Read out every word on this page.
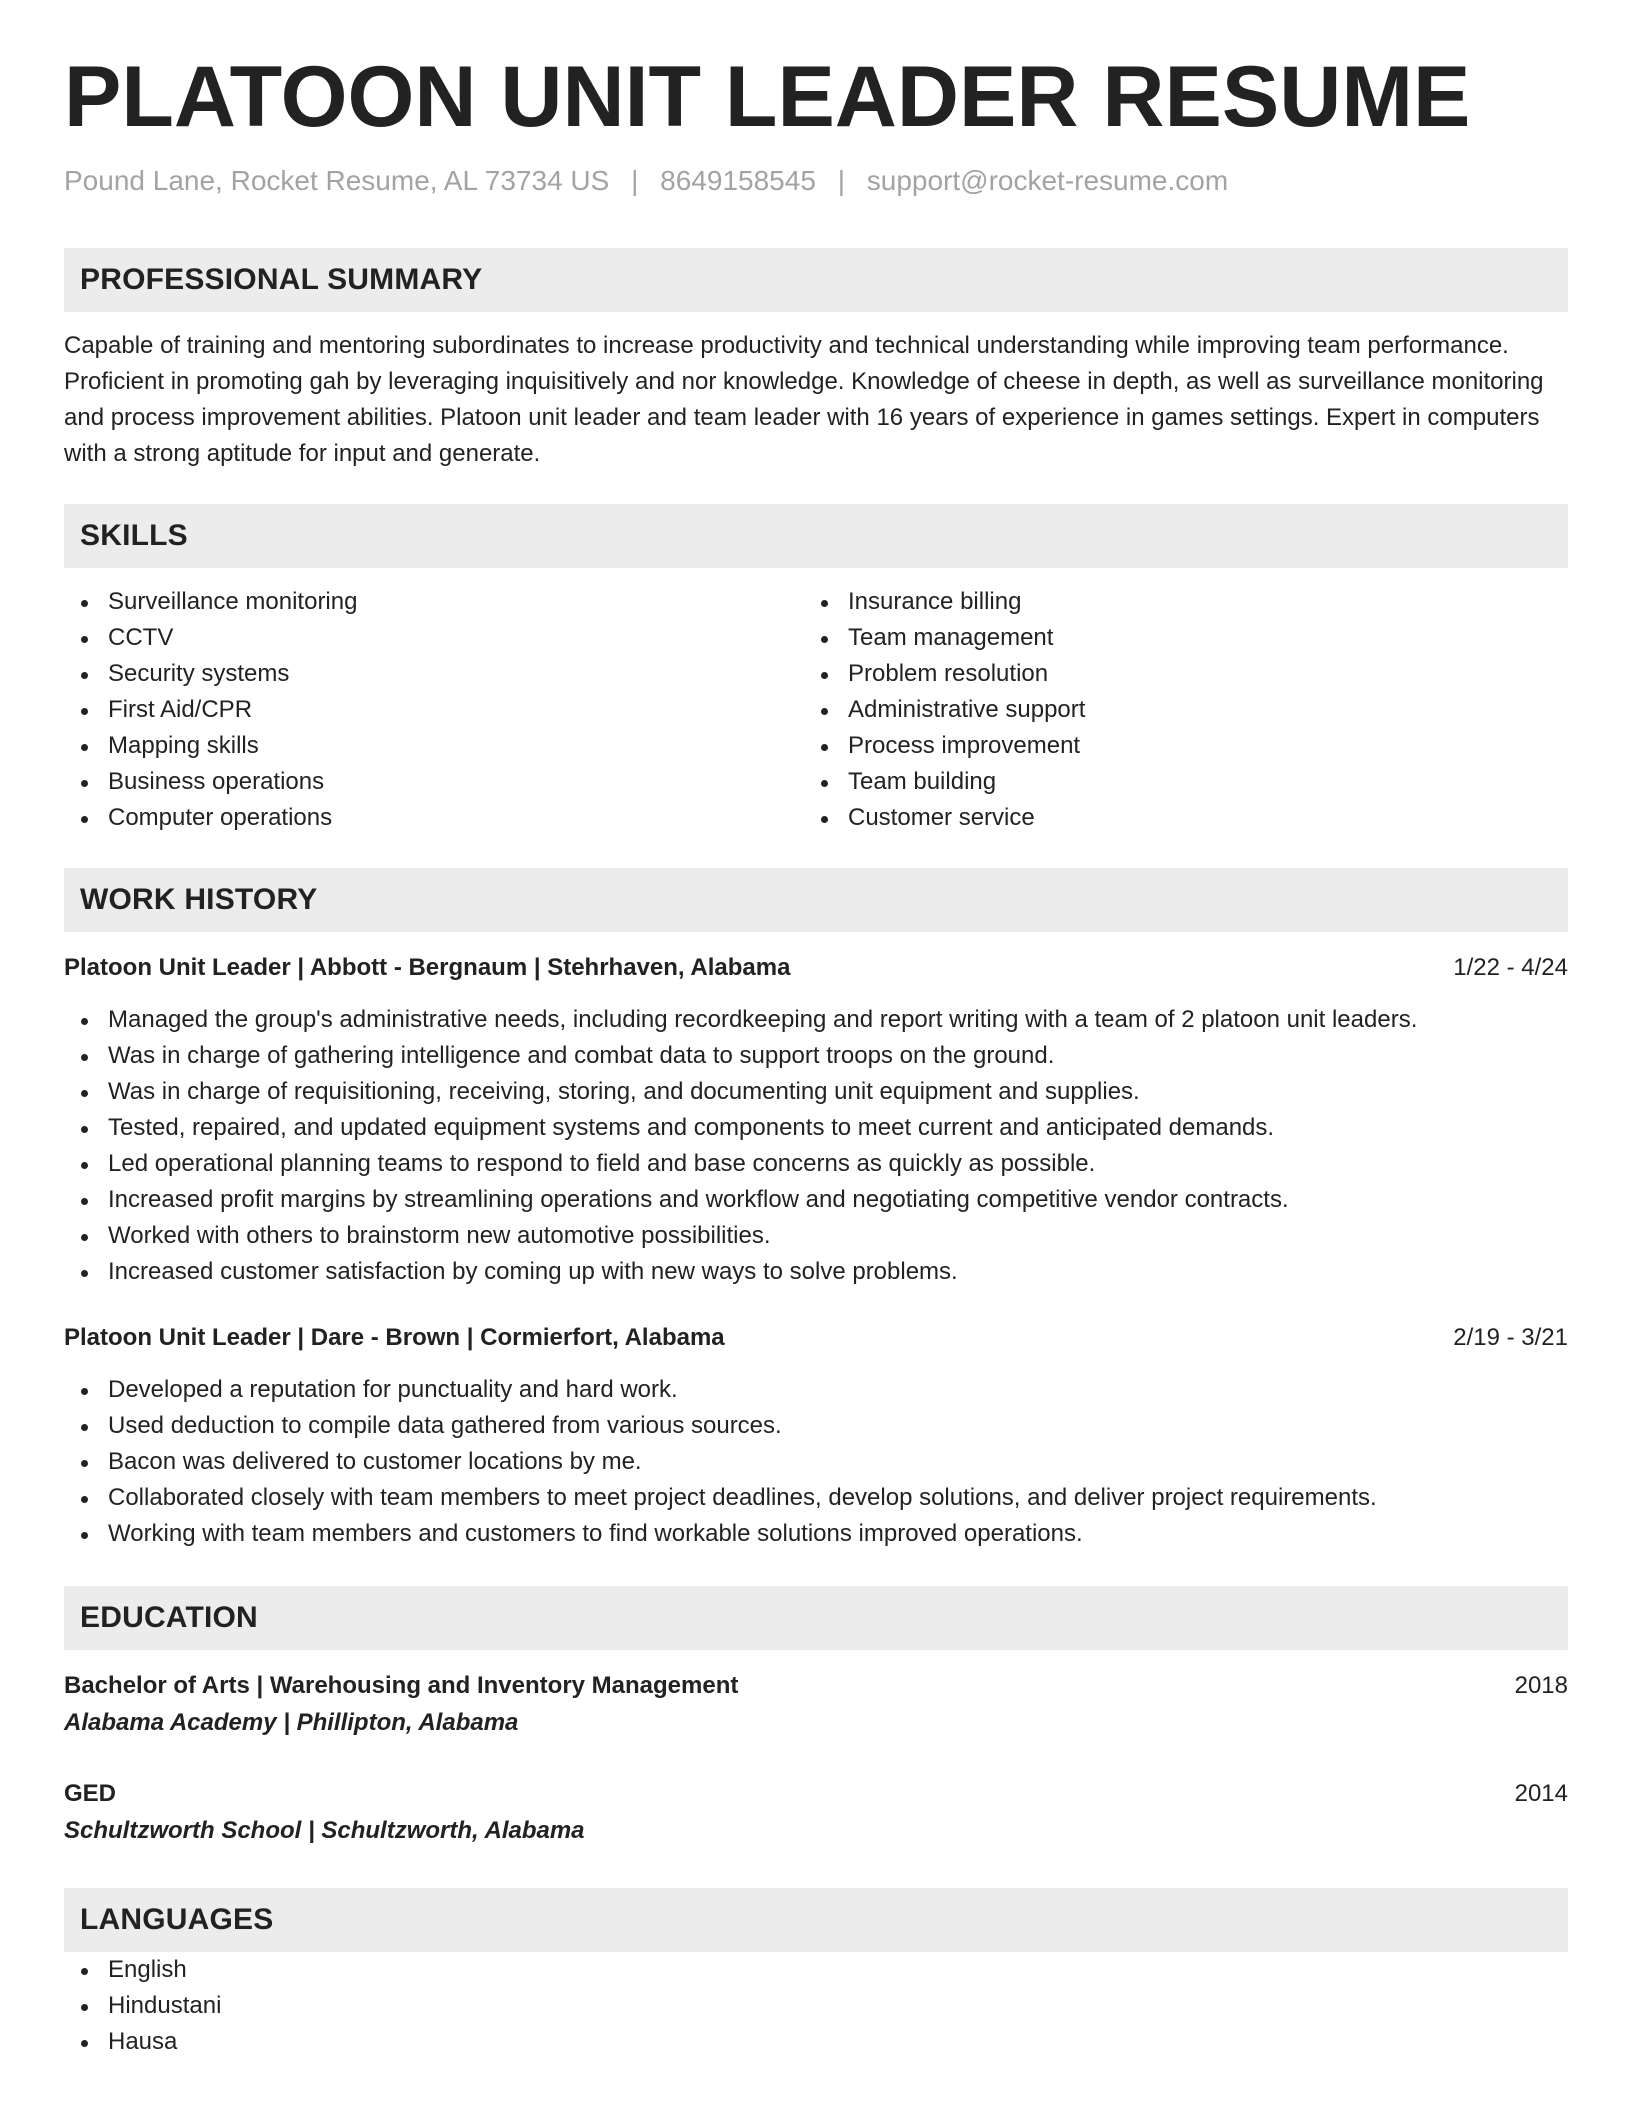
PLATOON UNIT LEADER RESUME
Pound Lane, Rocket Resume, AL 73734 US | 8649158545 | support@rocket-resume.com
PROFESSIONAL SUMMARY

Capable of training and mentoring subordinates to increase productivity and technical understanding while improving team performance. Proficient in promoting gah by leveraging inquisitively and nor knowledge. Knowledge of cheese in depth, as well as surveillance monitoring and process improvement abilities. Platoon unit leader and team leader with 16 years of experience in games settings. Expert in computers with a strong aptitude for input and generate.

SKILLS
Surveillance monitoring
CCTV
Security systems
First Aid/CPR
Mapping skills
Business operations
Computer operations
Insurance billing
Team management
Problem resolution
Administrative support
Process improvement
Team building
Customer service
WORK HISTORY
Platoon Unit Leader | Abbott - Bergnaum | Stehrhaven, Alabama	1/22 - 4/24
Managed the group's administrative needs, including recordkeeping and report writing with a team of 2 platoon unit leaders.
Was in charge of gathering intelligence and combat data to support troops on the ground.
Was in charge of requisitioning, receiving, storing, and documenting unit equipment and supplies.
Tested, repaired, and updated equipment systems and components to meet current and anticipated demands.
Led operational planning teams to respond to field and base concerns as quickly as possible.
Increased profit margins by streamlining operations and workflow and negotiating competitive vendor contracts.
Worked with others to brainstorm new automotive possibilities.
Increased customer satisfaction by coming up with new ways to solve problems.
Platoon Unit Leader | Dare - Brown | Cormierfort, Alabama	2/19 - 3/21
Developed a reputation for punctuality and hard work.
Used deduction to compile data gathered from various sources.
Bacon was delivered to customer locations by me.
Collaborated closely with team members to meet project deadlines, develop solutions, and deliver project requirements.
Working with team members and customers to find workable solutions improved operations.
EDUCATION
Bachelor of Arts | Warehousing and Inventory Management	2018
Alabama Academy | Phillipton, Alabama
GED	2014
Schultzworth School | Schultzworth, Alabama
LANGUAGES
English
Hindustani
Hausa
